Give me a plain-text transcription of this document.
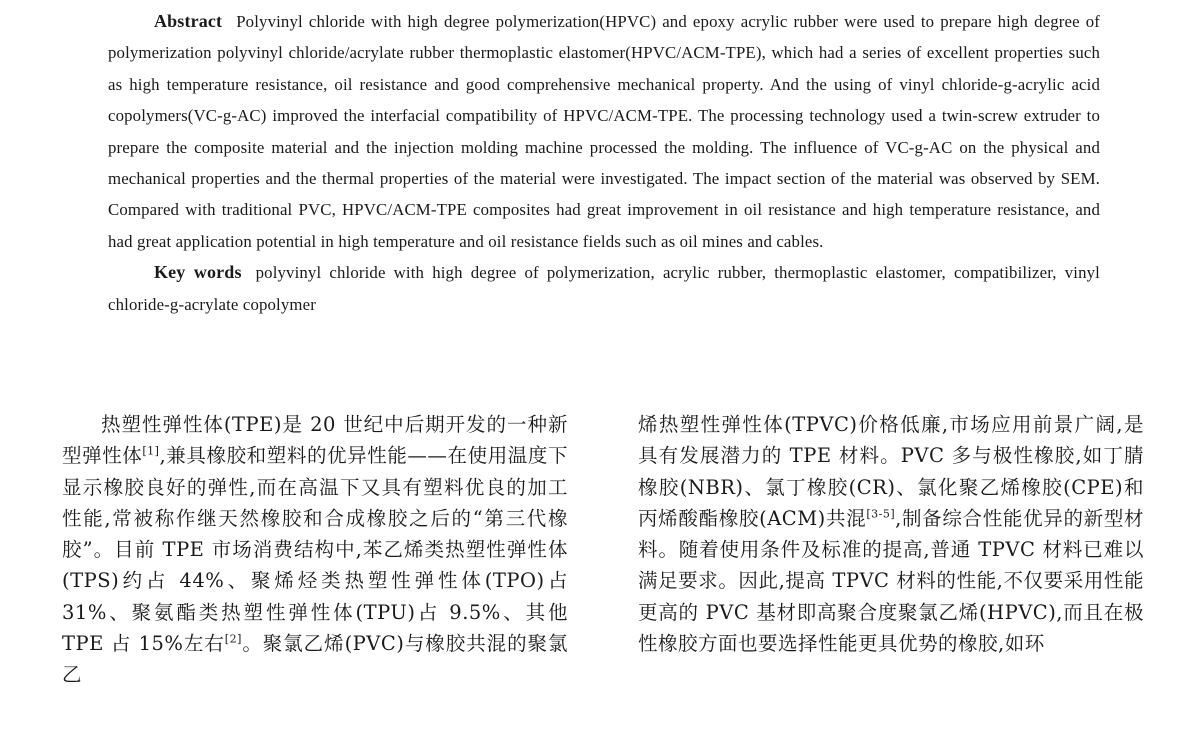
Abstract Polyvinyl chloride with high degree polymerization(HPVC) and epoxy acrylic rubber were used to prepare high degree of polymerization polyvinyl chloride/acrylate rubber thermoplastic elastomer(HPVC/ACM-TPE), which had a series of excellent properties such as high temperature resistance, oil resistance and good comprehensive mechanical property. And the using of vinyl chloride-g-acrylic acid copolymers(VC-g-AC) improved the interfacial compatibility of HPVC/ACM-TPE. The processing technology used a twin-screw extruder to prepare the composite material and the injection molding machine processed the molding. The influence of VC-g-AC on the physical and mechanical properties and the thermal properties of the material were investigated. The impact section of the material was observed by SEM. Compared with traditional PVC, HPVC/ACM-TPE composites had great improvement in oil resistance and high temperature resistance, and had great application potential in high temperature and oil resistance fields such as oil mines and cables.

Key words polyvinyl chloride with high degree of polymerization, acrylic rubber, thermoplastic elastomer, compatibilizer, vinyl chloride-g-acrylate copolymer

热塑性弹性体(TPE)是 20 世纪中后期开发的一种新型弹性体[1],兼具橡胶和塑料的优异性能——在使用温度下显示橡胶良好的弹性,而在高温下又具有塑料优良的加工性能,常被称作继天然橡胶和合成橡胶之后的“第三代橡胶”。目前 TPE 市场消费结构中,苯乙烯类热塑性弹性体(TPS)约占 44%、聚烯烃类热塑性弹性体(TPO)占 31%、聚氨酯类热塑性弹性体(TPU)占 9.5%、其他 TPE 占 15%左右[2]。聚氯乙烯(PVC)与橡胶共混的聚氯乙

烯热塑性弹性体(TPVC)价格低廉,市场应用前景广阔,是具有发展潜力的 TPE 材料。PVC 多与极性橡胶,如丁腈橡胶(NBR)、氯丁橡胶(CR)、氯化聚乙烯橡胶(CPE)和丙烯酸酯橡胶(ACM)共混[3-5],制备综合性能优异的新型材料。随着使用条件及标准的提高,普通 TPVC 材料已难以满足要求。因此,提高 TPVC 材料的性能,不仅要采用性能更高的 PVC 基材即高聚合度聚氯乙烯(HPVC),而且在极性橡胶方面也要选择性能更具优势的橡胶,如环
